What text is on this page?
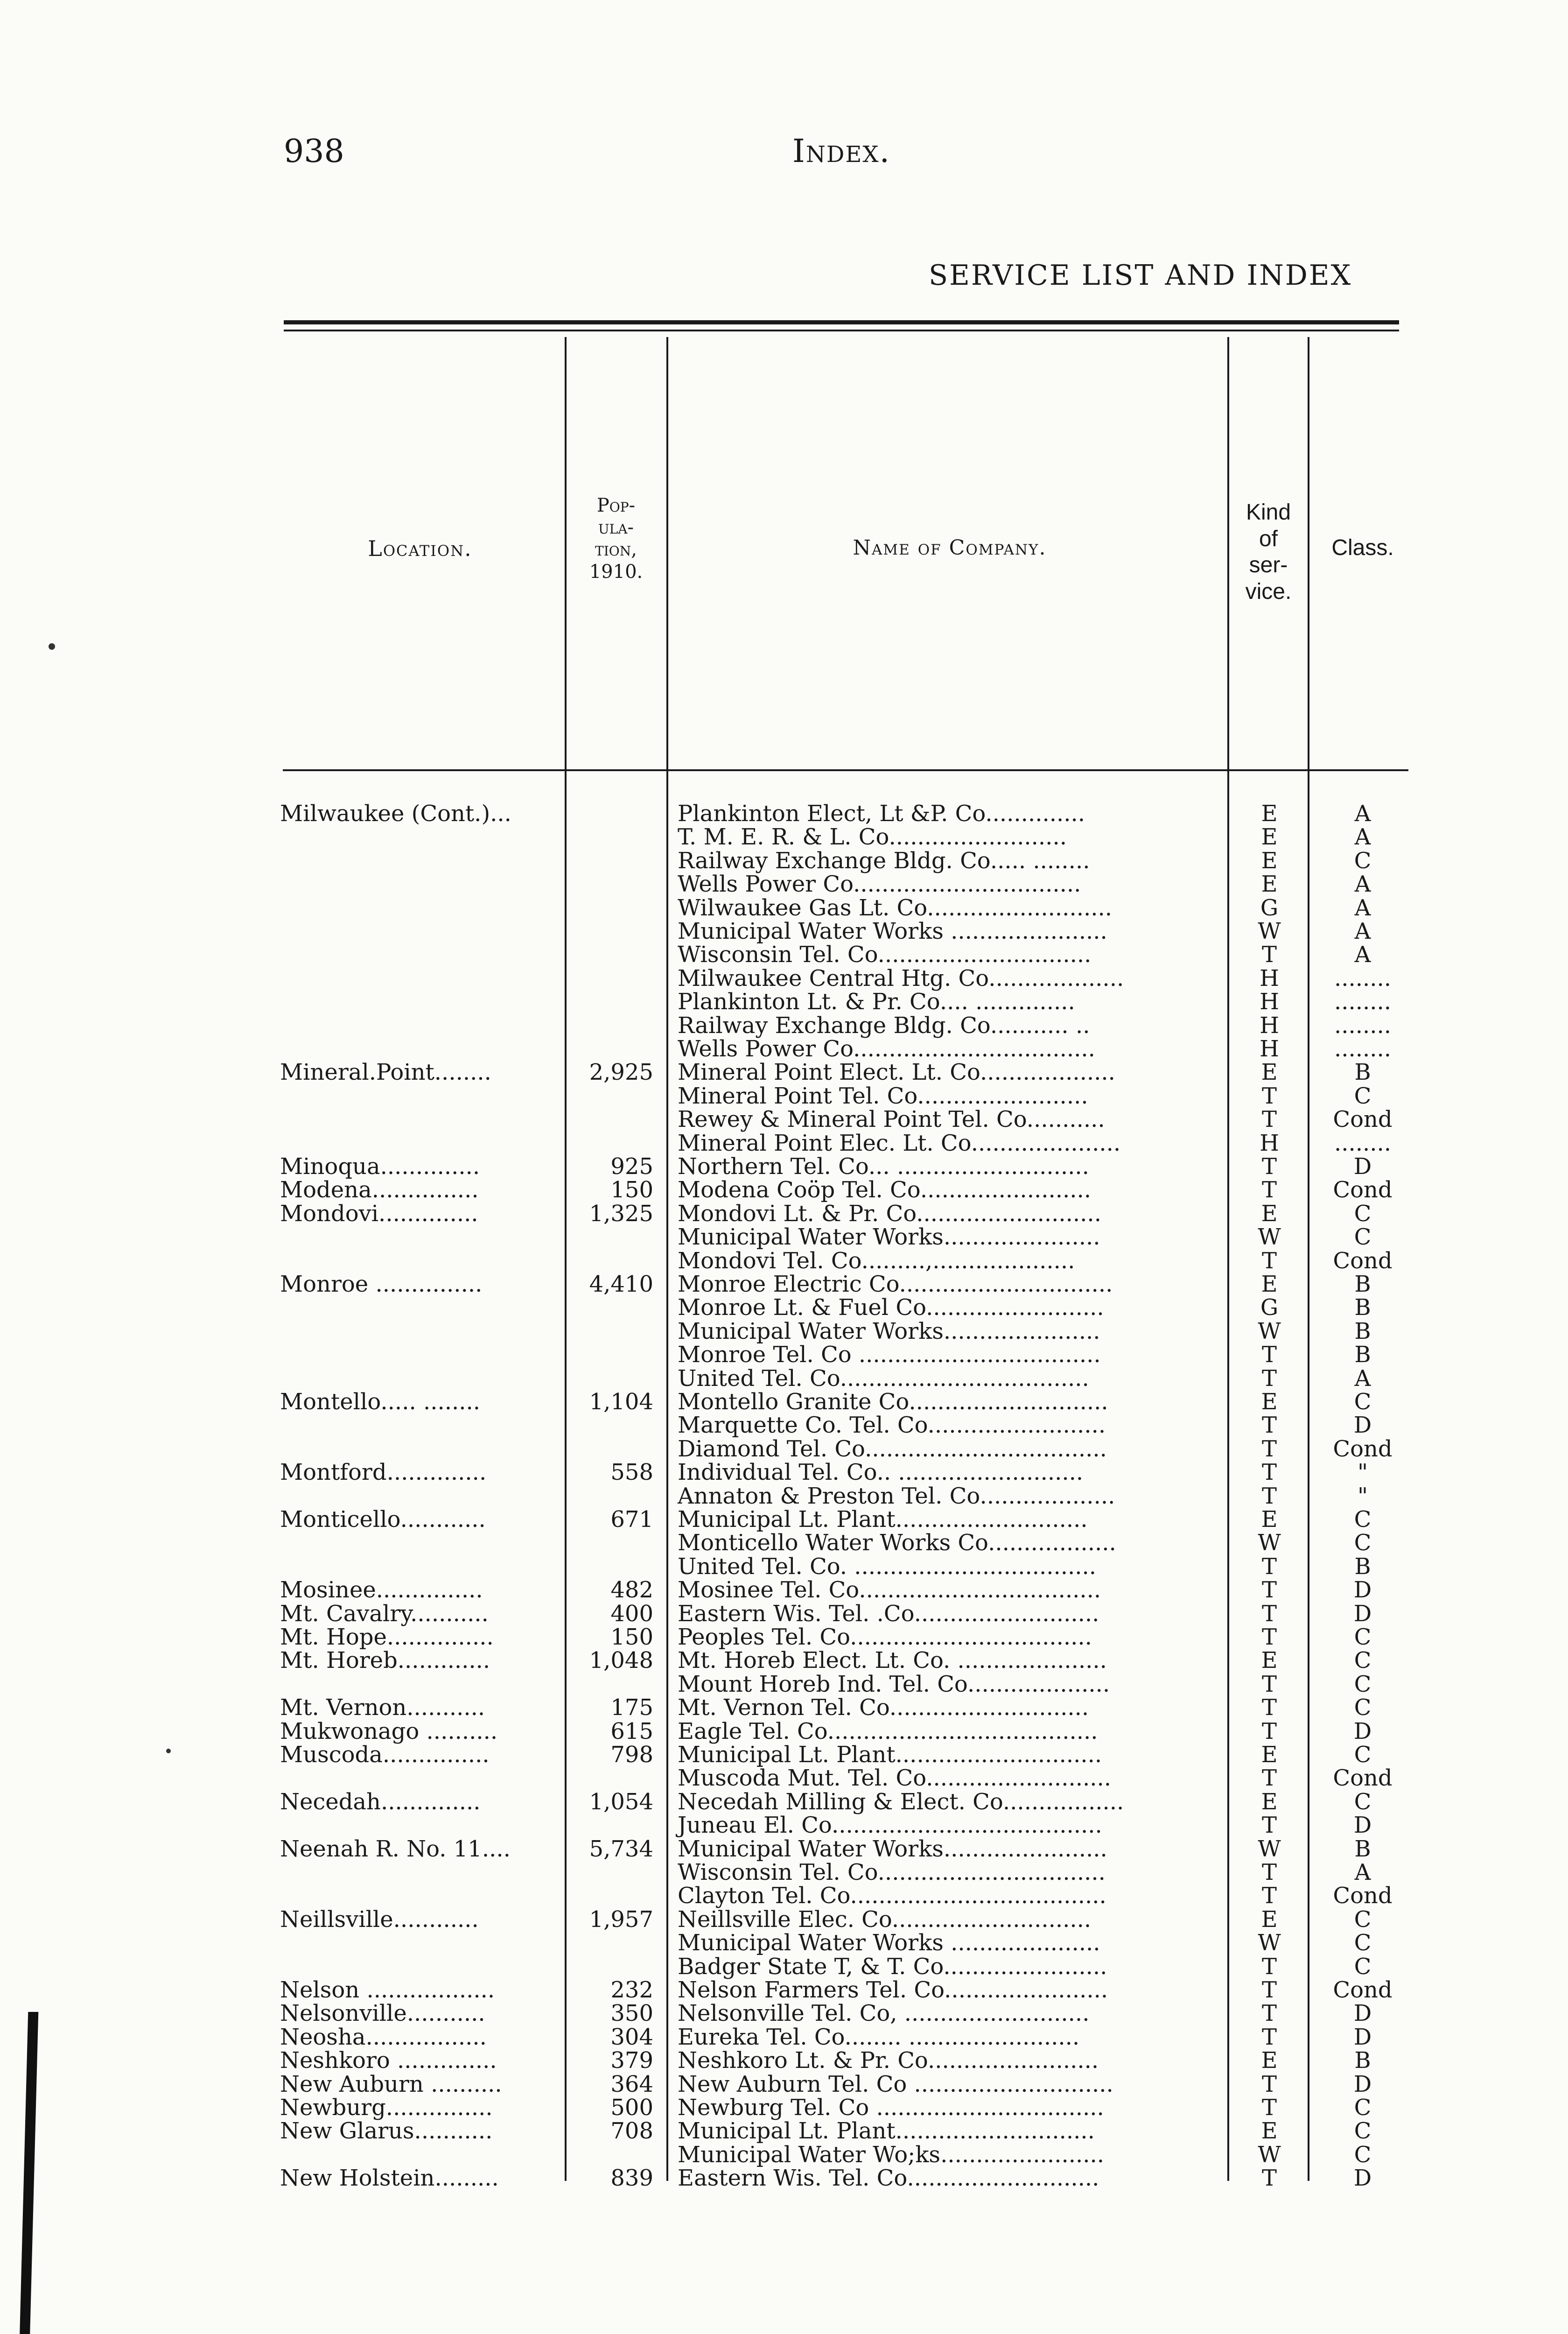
938	Index.
SERVICE LIST AND INDEX
Location.
Pop-
ula-
tion,
1910.
Name of Company.
Kind
of
ser-
vice.
Class.
Milwaukee (Cont.)...	Plankinton Elect, Lt &P. Co..............	E	A
T. M. E. R. & L. Co.........................	E	A
Railway Exchange Bldg. Co..... ........	E	C
Wells Power Co................................	E	A
Wilwaukee Gas Lt. Co..........................	G	A
Municipal Water Works ......................	W	A
Wisconsin Tel. Co..............................	T	A
Milwaukee Central Htg. Co...................	H	........
Plankinton Lt. & Pr. Co.... ..............	H	........
Railway Exchange Bldg. Co........... ..	H	........
Wells Power Co..................................	H	........
Mineral.Point........	2,925 Mineral Point Elect. Lt. Co...................	E	B
Mineral Point Tel. Co........................	T	C
Rewey & Mineral Point Tel. Co...........	T	Cond
Mineral Point Elec. Lt. Co.....................	H	........
Minoqua..............	925 Northern Tel. Co... ...........................	T	D
Modena...............	150 Modena Coöp Tel. Co........................	T	Cond
Mondovi..............	1,325 Mondovi Lt. & Pr. Co..........................	E	C
Municipal Water Works......................	W	C
Mondovi Tel. Co.........,....................	T	Cond
Monroe ...............	4,410 Monroe Electric Co..............................	E	B
Monroe Lt. & Fuel Co.........................	G	B
Municipal Water Works......................	W	B
Monroe Tel. Co ..................................	T	B
United Tel. Co...................................	T	A
Montello..... ........	1,104 Montello Granite Co............................	E	C
Marquette Co. Tel. Co.........................	T	D
Diamond Tel. Co..................................	T	Cond
Montford..............	558 Individual Tel. Co.. ..........................	T	"
Annaton & Preston Tel. Co...................	T	"
Monticello............	671 Municipal Lt. Plant...........................	E	C
Monticello Water Works Co..................	W	C
United Tel. Co. ..................................	T	B
Mosinee...............	482 Mosinee Tel. Co..................................	T	D
Mt. Cavalry...........	400 Eastern Wis. Tel. .Co..........................	T	D
Mt. Hope...............	150 Peoples Tel. Co..................................	T	C
Mt. Horeb.............	1,048 Mt. Horeb Elect. Lt. Co. .....................	E	C
Mount Horeb Ind. Tel. Co....................	T	C
Mt. Vernon...........	175 Mt. Vernon Tel. Co............................	T	C
Mukwonago ..........	615 Eagle Tel. Co......................................	T	D
Muscoda...............	798 Municipal Lt. Plant.............................	E	C
Muscoda Mut. Tel. Co..........................	T	Cond
Necedah..............	1,054 Necedah Milling & Elect. Co.................	E	C
Juneau El. Co......................................	T	D
Neenah R. No. 11....	5,734 Municipal Water Works.......................	W	B
Wisconsin Tel. Co................................	T	A
Clayton Tel. Co....................................	T	Cond
Neillsville............	1,957 Neillsville Elec. Co............................	E	C
Municipal Water Works .....................	W	C
Badger State T, & T. Co.......................	T	C
Nelson ..................	232 Nelson Farmers Tel. Co.......................	T	Cond
Nelsonville...........	350 Nelsonville Tel. Co, ..........................	T	D
Neosha.................	304 Eureka Tel. Co........ ........................	T	D
Neshkoro ..............	379 Neshkoro Lt. & Pr. Co........................	E	B
New Auburn ..........	364 New Auburn Tel. Co ............................	T	D
Newburg...............	500 Newburg Tel. Co ................................	T	C
New Glarus...........	708 Municipal Lt. Plant............................	E	C
Municipal Water Wo;ks.......................	W	C
New Holstein.........	839 Eastern Wis. Tel. Co...........................	T	D
